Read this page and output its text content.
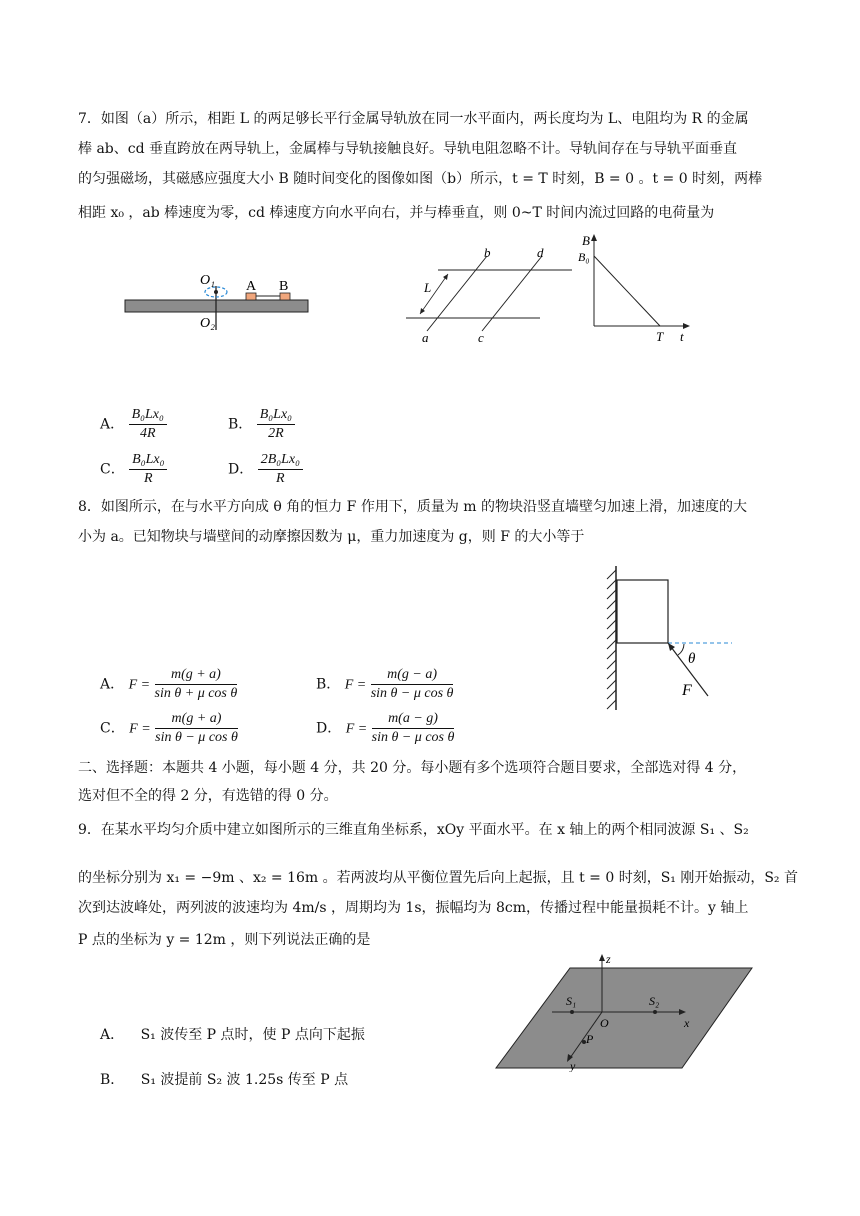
7．如图（a）所示，相距 L 的两足够长平行金属导轨放在同一水平面内，两长度均为 L、电阻均为 R 的金属
棒 ab、cd 垂直跨放在两导轨上，金属棒与导轨接触良好。导轨电阻忽略不计。导轨间存在与导轨平面垂直
的匀强磁场，其磁感应强度大小 B 随时间变化的图像如图（b）所示，t = T 时刻，B = 0 。t = 0 时刻，两棒
相距 x₀ ，ab 棒速度为零，cd 棒速度方向水平向右，并与棒垂直，则 0~T 时间内流过回路的电荷量为
O₁ A B
O₂
L
b	d
a	c
B
B₀
T t
A． $\frac{\text{B₀Lx₀}}{4R}$	B． $\frac{\text{B₀Lx₀}}{2R}$
C． $\frac{\text{B₀Lx₀}}{R}$	D． $\frac{\text{2B₀Lx₀}}{R}$
8．如图所示，在与水平方向成 θ 角的恒力 F 作用下，质量为 m 的物块沿竖直墙壁匀加速上滑，加速度的大
小为 a。已知物块与墙壁间的动摩擦因数为 μ，重力加速度为 g，则 F 的大小等于
θ
F
A． $F = \frac{m(g + a)}{\text{sin θ + μ cos θ}}$	B． $F = \frac{m(g - a)}{\text{sin θ − μ cos θ}}$
C． $F = \frac{m(g + a)}{\text{sin θ − μ cos θ}}$	D． $F = \frac{m(a - g)}{\text{sin θ − μ cos θ}}$
二、选择题：本题共 4 小题，每小题 4 分，共 20 分。每小题有多个选项符合题目要求，全部选对得 4 分，
选对但不全的得 2 分，有选错的得 0 分。
9．在某水平均匀介质中建立如图所示的三维直角坐标系，xOy 平面水平。在 x 轴上的两个相同波源 S₁ 、S₂
的坐标分别为 x₁ = −9m 、x₂ = 16m 。若两波均从平衡位置先后向上起振，且 t = 0 时刻，S₁ 刚开始振动，S₂ 首
次到达波峰处，两列波的波速均为 4m/s ，周期均为 1s，振幅均为 8cm，传播过程中能量损耗不计。y 轴上
P 点的坐标为 y = 12m ，则下列说法正确的是
z
S₁	S₂
O	x
P
y
A． S₁ 波传至 P 点时，使 P 点向下起振
B． S₁ 波提前 S₂ 波 1.25s 传至 P 点
